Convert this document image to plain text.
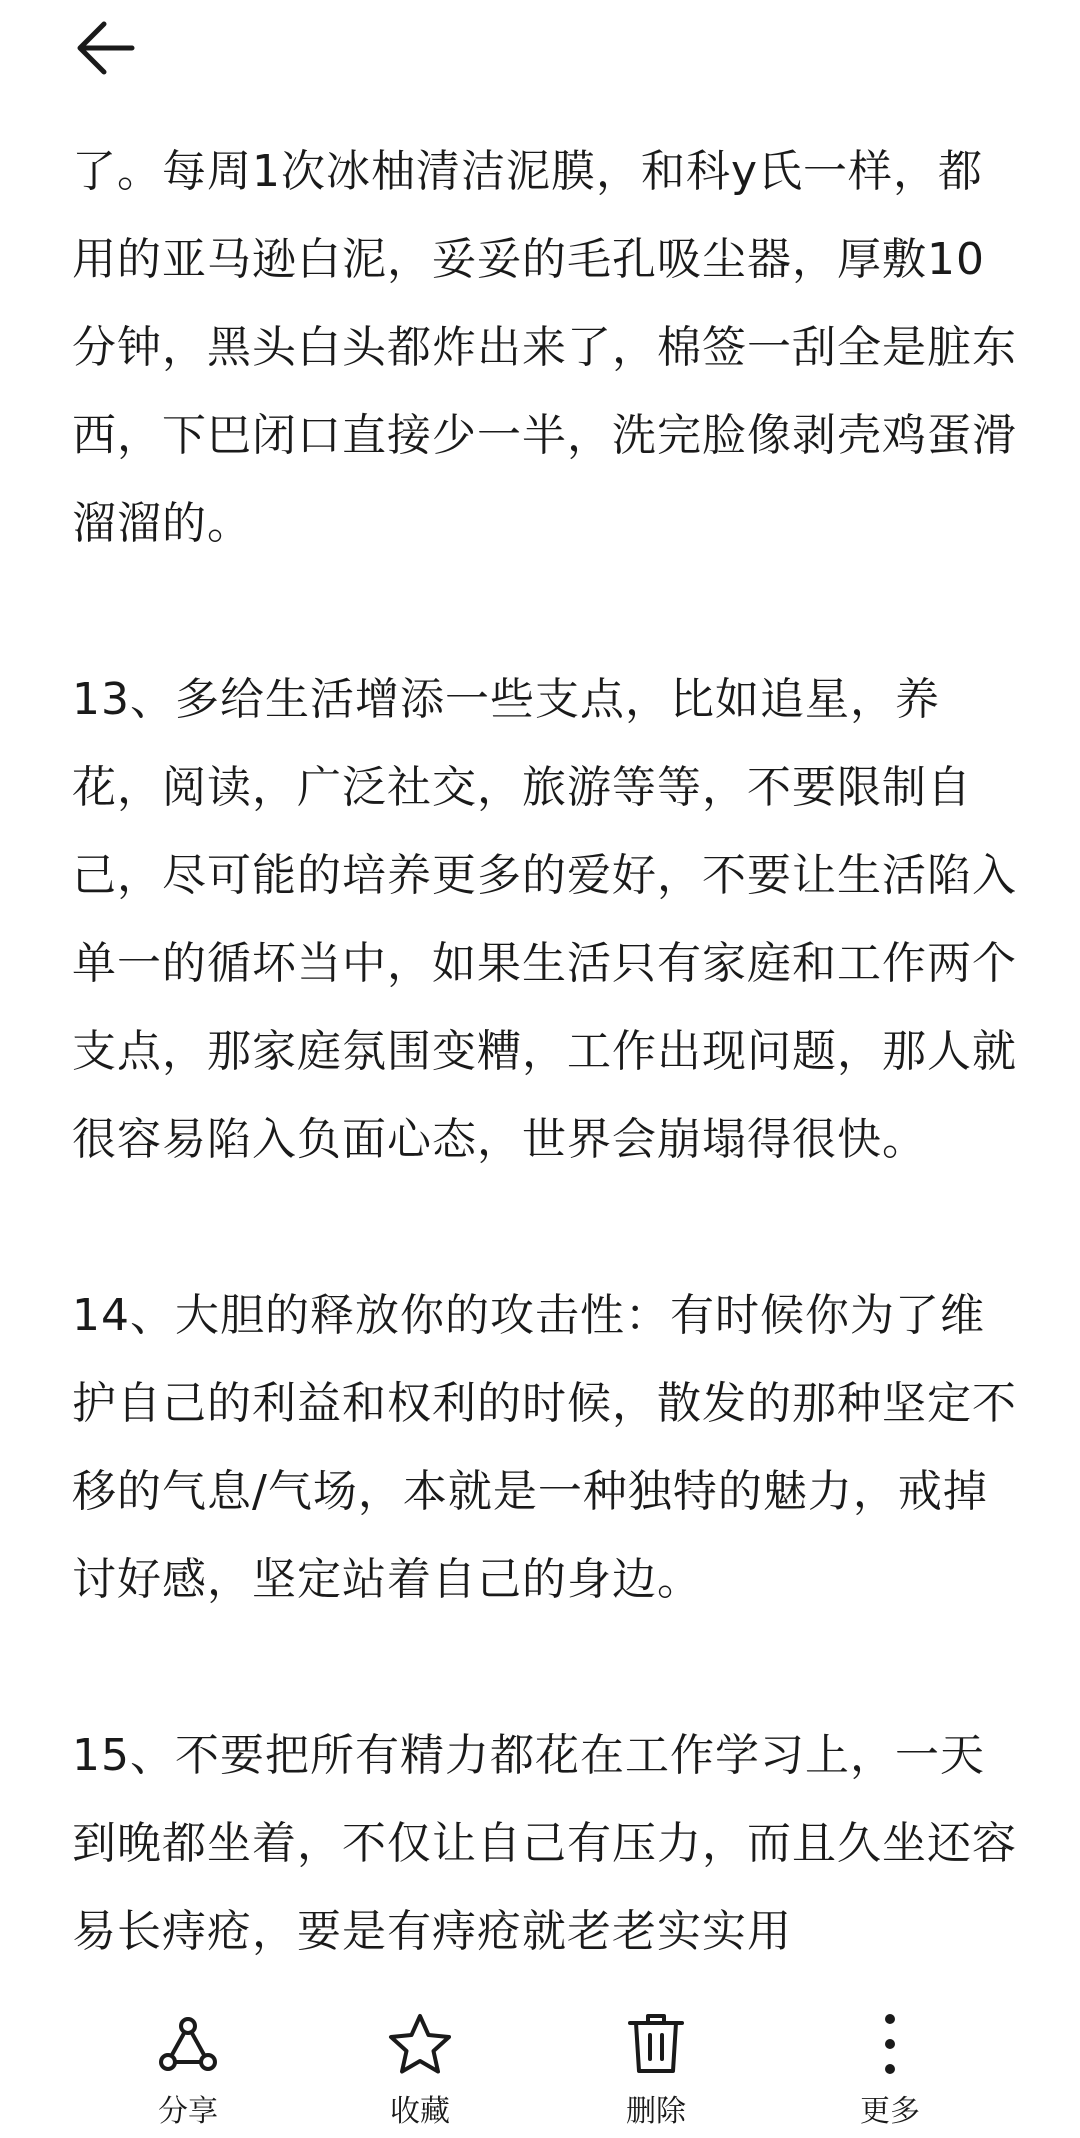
了。每周1次冰柚清洁泥膜，和科y氏一样，都用的亚马逊白泥，妥妥的毛孔吸尘器，厚敷10分钟，黑头白头都炸出来了，棉签一刮全是脏东西，下巴闭口直接少一半，洗完脸像剥壳鸡蛋滑溜溜的。

13、多给生活增添一些支点，比如追星，养花，阅读，广泛社交，旅游等等，不要限制自己，尽可能的培养更多的爱好，不要让生活陷入单一的循坏当中，如果生活只有家庭和工作两个支点，那家庭氛围变糟，工作出现问题，那人就很容易陷入负面心态，世界会崩塌得很快。

14、大胆的释放你的攻击性：有时候你为了维护自己的利益和权利的时候，散发的那种坚定不移的气息/气场，本就是一种独特的魅力，戒掉讨好感，坚定站着自己的身边。

15、不要把所有精力都花在工作学习上，一天到晚都坐着，不仅让自己有压力，而且久坐还容易长痔疮，要是有痔疮就老老实实用

分享	收藏	删除	更多
